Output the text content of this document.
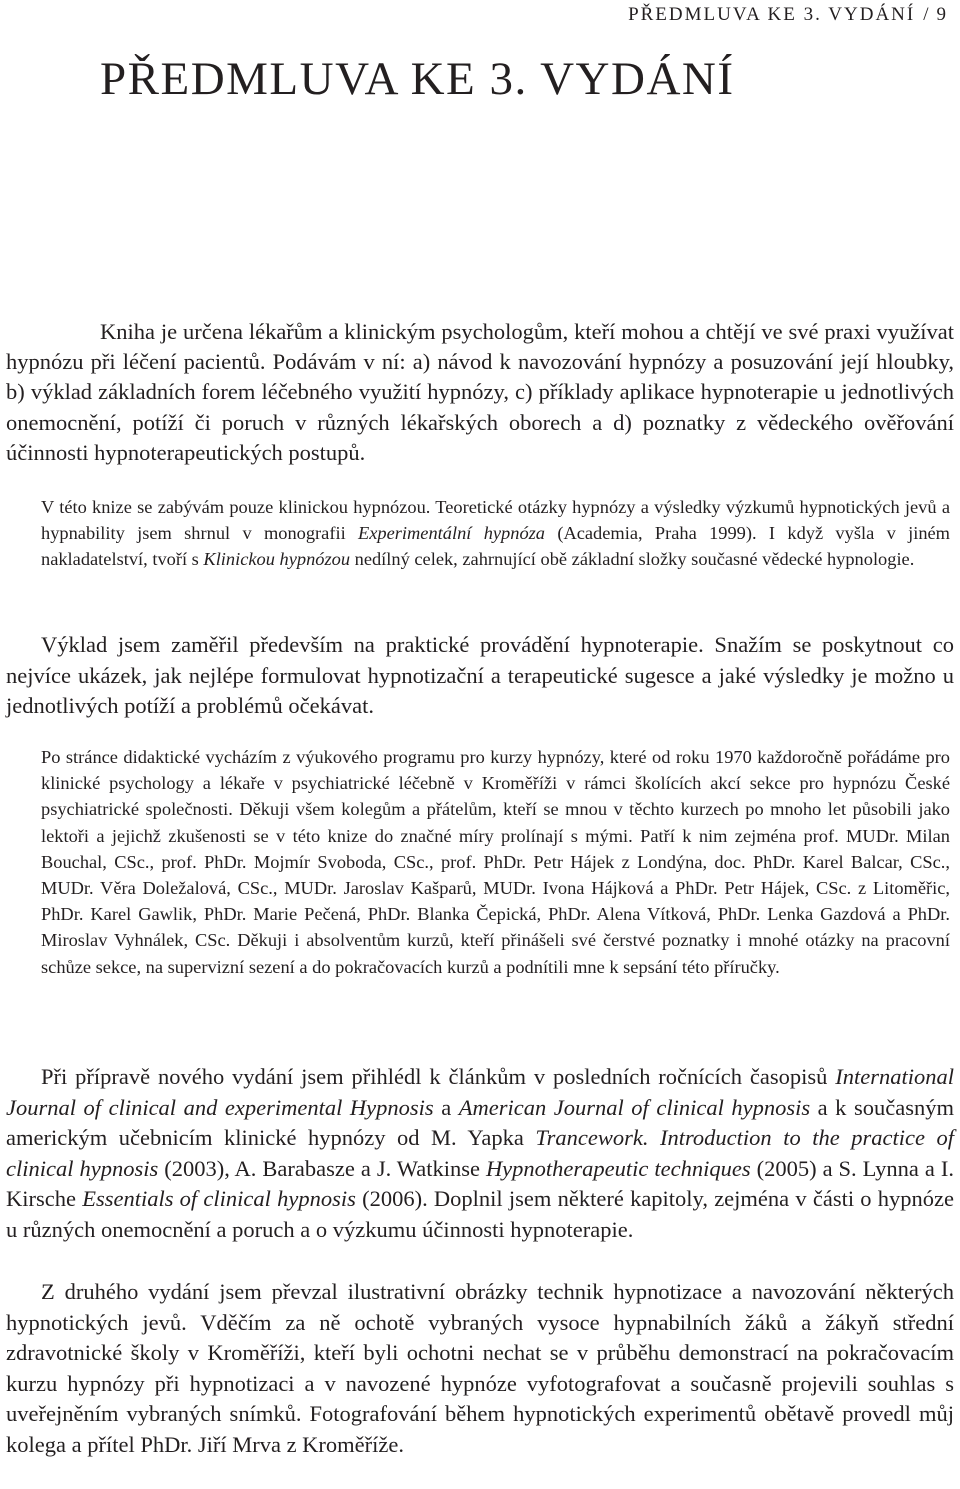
PŘEDMLUVA KE 3. VYDÁNÍ / 9
PŘEDMLUVA KE 3. VYDÁNÍ

Kniha je určena lékařům a klinickým psychologům, kteří mohou a chtějí ve své praxi využívat hypnózu při léčení pacientů. Podávám v ní: a) návod k navozování hypnózy a posuzování její hloubky, b) výklad základních forem léčebného využití hypnózy, c) příklady aplikace hypnoterapie u jednotlivých onemocnění, potíží či poruch v různých lékařských oborech a d) poznatky z vědeckého ověřování účinnosti hypnoterapeutických postupů.

V této knize se zabývám pouze klinickou hypnózou. Teoretické otázky hypnózy a výsledky výzkumů hypnotických jevů a hypnability jsem shrnul v monografii Experimentální hypnóza (Academia, Praha 1999). I když vyšla v jiném nakladatelství, tvoří s Klinickou hypnózou nedílný celek, zahrnující obě základní složky současné vědecké hypnologie.

Výklad jsem zaměřil především na praktické provádění hypnoterapie. Snažím se poskytnout co nejvíce ukázek, jak nejlépe formulovat hypnotizační a terapeutické sugesce a jaké výsledky je možno u jednotlivých potíží a problémů očekávat.

Po stránce didaktické vycházím z výukového programu pro kurzy hypnózy, které od roku 1970 každoročně pořádáme pro klinické psychology a lékaře v psychiatrické léčebně v Kroměříži v rámci školících akcí sekce pro hypnózu České psychiatrické společnosti. Děkuji všem kolegům a přátelům, kteří se mnou v těchto kurzech po mnoho let působili jako lektoři a jejichž zkušenosti se v této knize do značné míry prolínají s mými. Patří k nim zejména prof. MUDr. Milan Bouchal, CSc., prof. PhDr. Mojmír Svoboda, CSc., prof. PhDr. Petr Hájek z Londýna, doc. PhDr. Karel Balcar, CSc., MUDr. Věra Doležalová, CSc., MUDr. Jaroslav Kašparů, MUDr. Ivona Hájková a PhDr. Petr Hájek, CSc. z Litoměřic, PhDr. Karel Gawlik, PhDr. Marie Pečená, PhDr. Blanka Čepická, PhDr. Alena Vítková, PhDr. Lenka Gazdová a PhDr. Miroslav Vyhnálek, CSc. Děkuji i absolventům kurzů, kteří přinášeli své čerstvé poznatky i mnohé otázky na pracovní schůze sekce, na supervizní sezení a do pokračovacích kurzů a podnítili mne k sepsání této příručky.

Při přípravě nového vydání jsem přihlédl k článkům v posledních ročnících časopisů International Journal of clinical and experimental Hypnosis a American Journal of clinical hypnosis a k současným americkým učebnicím klinické hypnózy od M. Yapka Trancework. Introduction to the practice of clinical hypnosis (2003), A. Barabasze a J. Watkinse Hypnotherapeutic techniques (2005) a S. Lynna a I. Kirsche Essentials of clinical hypnosis (2006). Doplnil jsem některé kapitoly, zejména v části o hypnóze u různých onemocnění a poruch a o výzkumu účinnosti hypnoterapie.

Z druhého vydání jsem převzal ilustrativní obrázky technik hypnotizace a navozování některých hypnotických jevů. Vděčím za ně ochotě vybraných vysoce hypnabilních žáků a žákyň střední zdravotnické školy v Kroměříži, kteří byli ochotni nechat se v průběhu demonstrací na pokračovacím kurzu hypnózy při hypnotizaci a v navozené hypnóze vyfotografovat a současně projevili souhlas s uveřejněním vybraných snímků. Fotografování během hypnotických experimentů obětavě provedl můj kolega a přítel PhDr. Jiří Mrva z Kroměříže.
